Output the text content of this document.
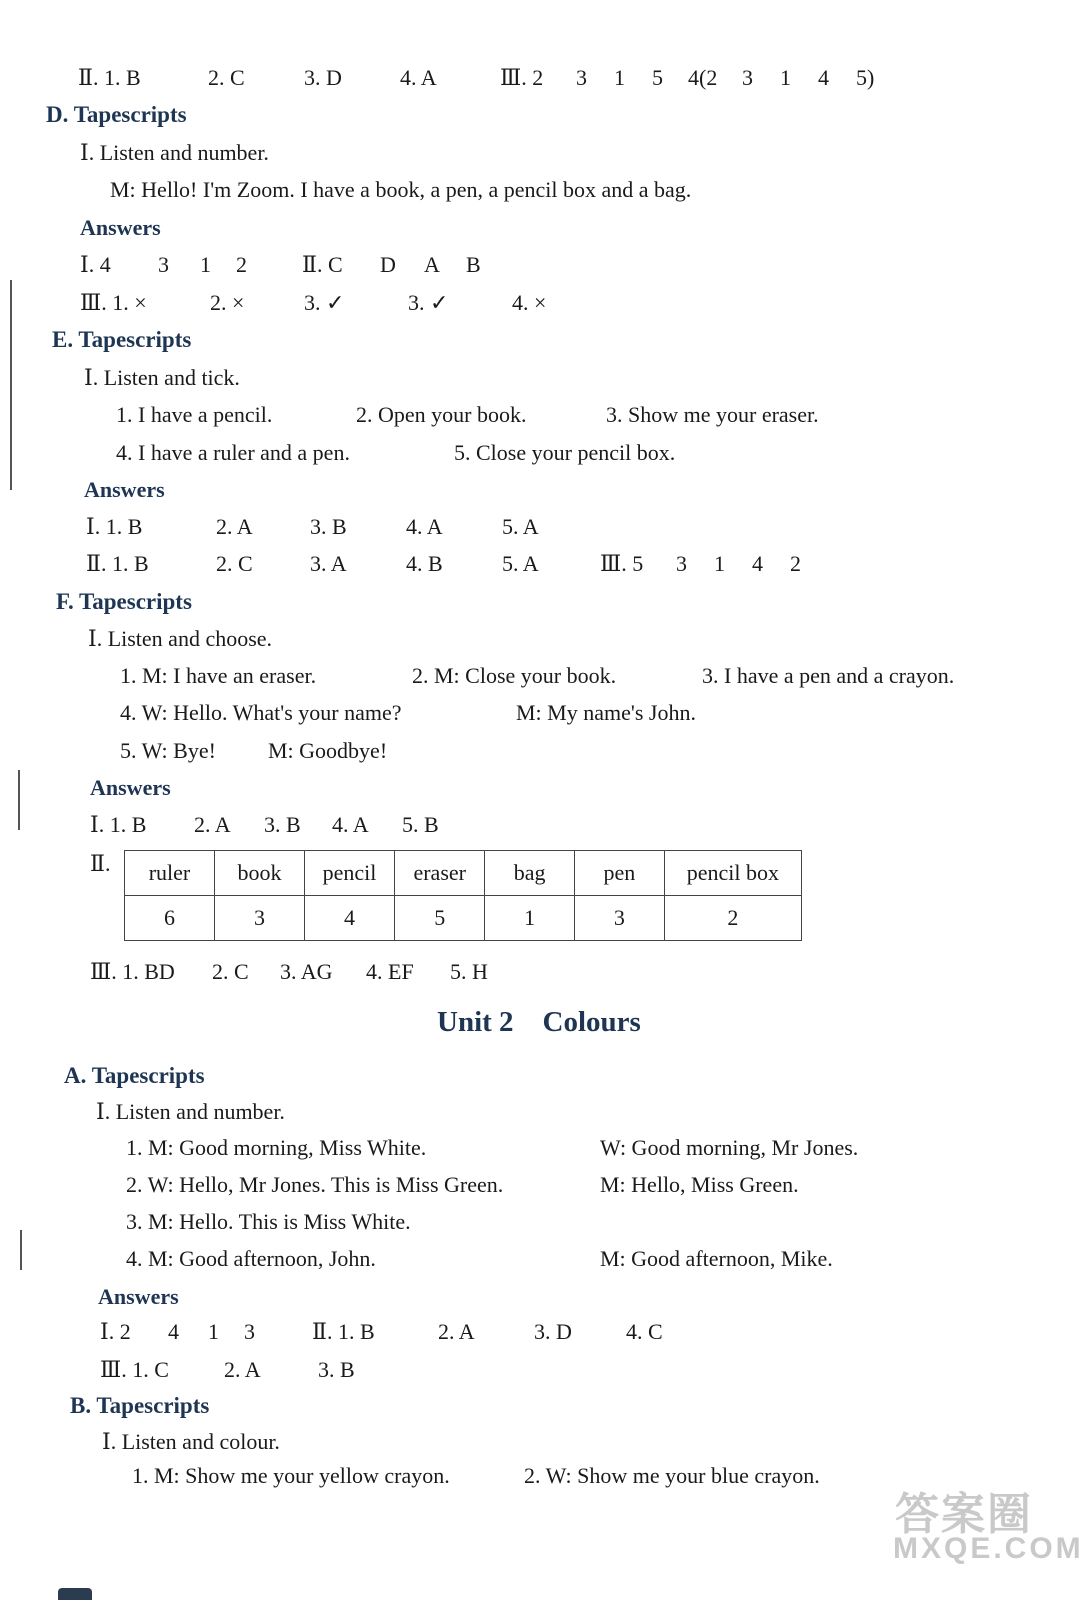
Ⅱ. 1. B	2. C	3. D	4. A	Ⅲ. 2	3	1	5	4(2	3	1	4	5)
D. Tapescripts
Ⅰ. Listen and number.
M: Hello! I'm Zoom. I have a book, a pen, a pencil box and a bag.
Answers
Ⅰ. 4	3	1	2	Ⅱ. C	D	A	B
Ⅲ. 1. ×	2. ×	3. ✓	3. ✓	4. ×
E. Tapescripts
Ⅰ. Listen and tick.
1. I have a pencil.	2. Open your book.	3. Show me your eraser.
4. I have a ruler and a pen.	5. Close your pencil box.
Answers
Ⅰ. 1. B	2. A	3. B	4. A	5. A
Ⅱ. 1. B	2. C	3. A	4. B	5. A	Ⅲ. 5	3	1	4	2
F. Tapescripts
Ⅰ. Listen and choose.
1. M: I have an eraser.	2. M: Close your book.	3. I have a pen and a crayon.
4. W: Hello. What's your name?	M: My name's John.
5. W: Bye!	M: Goodbye!
Answers
Ⅰ. 1. B	2. A	3. B	4. A	5. B
Ⅱ. ruler	book	pencil	eraser	bag	pen	pencil box
6	3	4	5	1	3	2
Ⅲ. 1. BD	2. C	3. AG	4. EF	5. H
Unit 2    Colours
A. Tapescripts
Ⅰ. Listen and number.
1. M: Good morning, Miss White.	W: Good morning, Mr Jones.
2. W: Hello, Mr Jones. This is Miss Green.	M: Hello, Miss Green.
3. M: Hello. This is Miss White.
4. M: Good afternoon, John.	M: Good afternoon, Mike.
Answers
Ⅰ. 2	4	1	3	Ⅱ. 1. B	2. A	3. D	4. C
Ⅲ. 1. C	2. A	3. B
B. Tapescripts
Ⅰ. Listen and colour.
1. M: Show me your yellow crayon.	2. W: Show me your blue crayon.
答案圈
MXQE.COM
